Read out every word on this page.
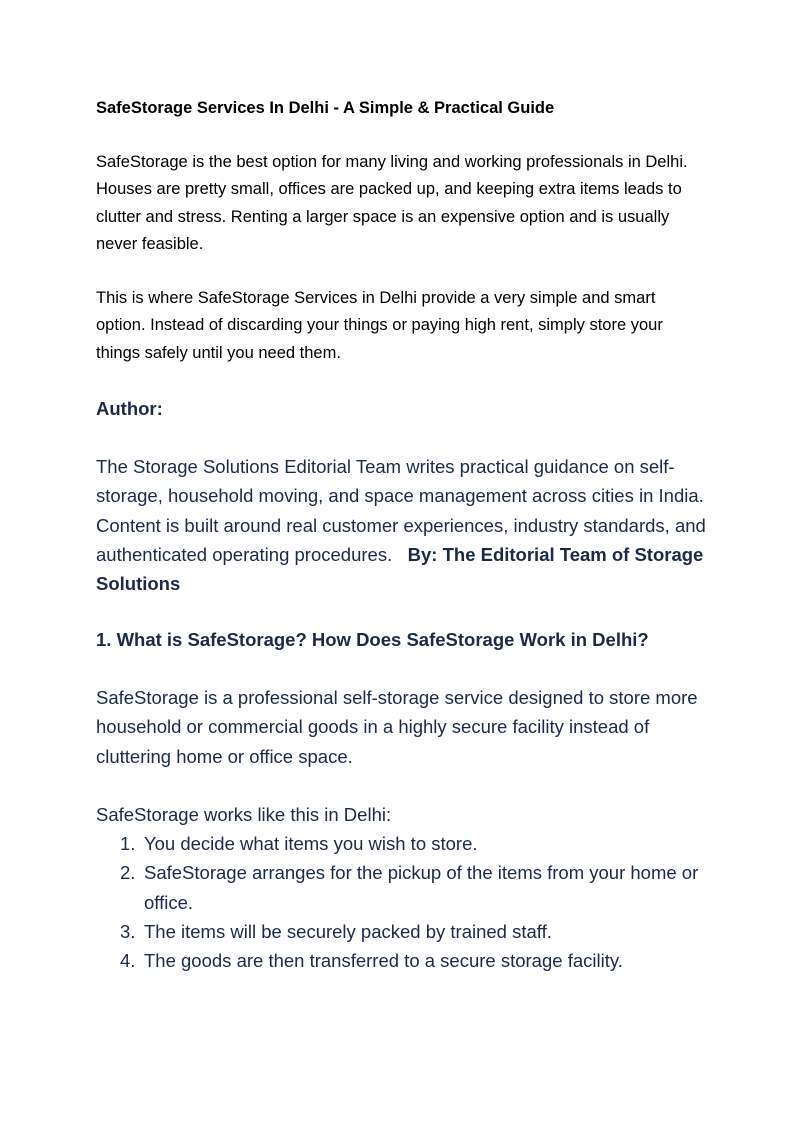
SafeStorage Services In Delhi - A Simple & Practical Guide

SafeStorage is the best option for many living and working professionals in Delhi. Houses are pretty small, offices are packed up, and keeping extra items leads to clutter and stress. Renting a larger space is an expensive option and is usually never feasible.

This is where SafeStorage Services in Delhi provide a very simple and smart option. Instead of discarding your things or paying high rent, simply store your things safely until you need them.

Author:

The Storage Solutions Editorial Team writes practical guidance on self-storage, household moving, and space management across cities in India. Content is built around real customer experiences, industry standards, and authenticated operating procedures. By: The Editorial Team of Storage Solutions

1. What is SafeStorage? How Does SafeStorage Work in Delhi?

SafeStorage is a professional self-storage service designed to store more household or commercial goods in a highly secure facility instead of cluttering home or office space.

SafeStorage works like this in Delhi:

1. You decide what items you wish to store.
2. SafeStorage arranges for the pickup of the items from your home or office.
3. The items will be securely packed by trained staff.
4. The goods are then transferred to a secure storage facility.
